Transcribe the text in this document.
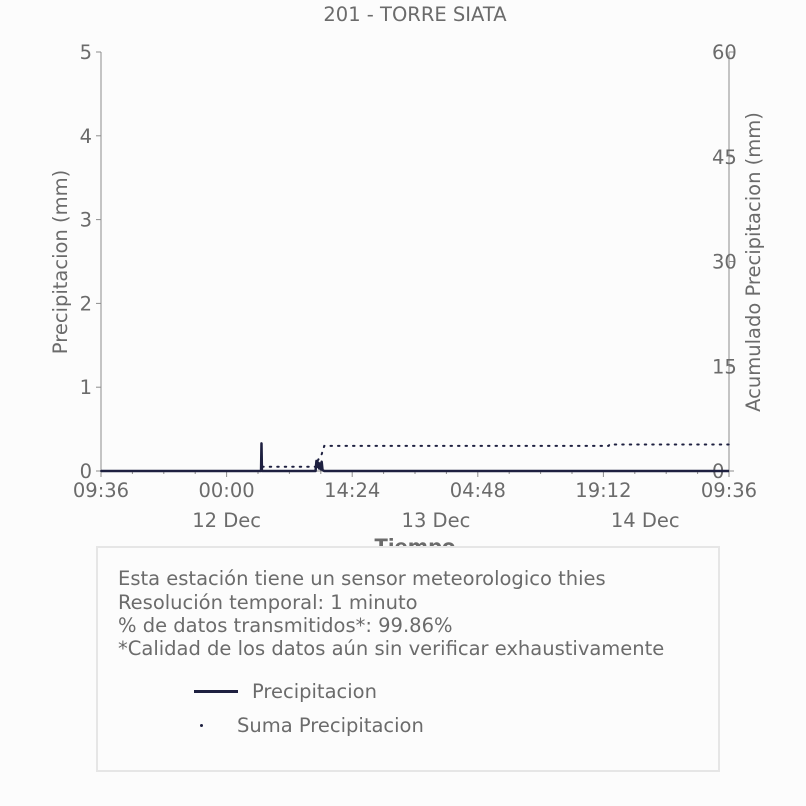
201 - TORRE SIATA
0
1
2
3
4
5
0
15
30
45
60
09:36	00:00	14:24	04:48	19:12	09:36
12 Dec	13 Dec	14 Dec
Precipitacion (mm)	Acumulado Precipitacion (mm)
Esta estación tiene un sensor meteorologico thies
Resolución temporal: 1 minuto
% de datos transmitidos*: 99.86%
*Calidad de los datos aún sin verificar exhaustivamente
Precipitacion
Suma Precipitacion
